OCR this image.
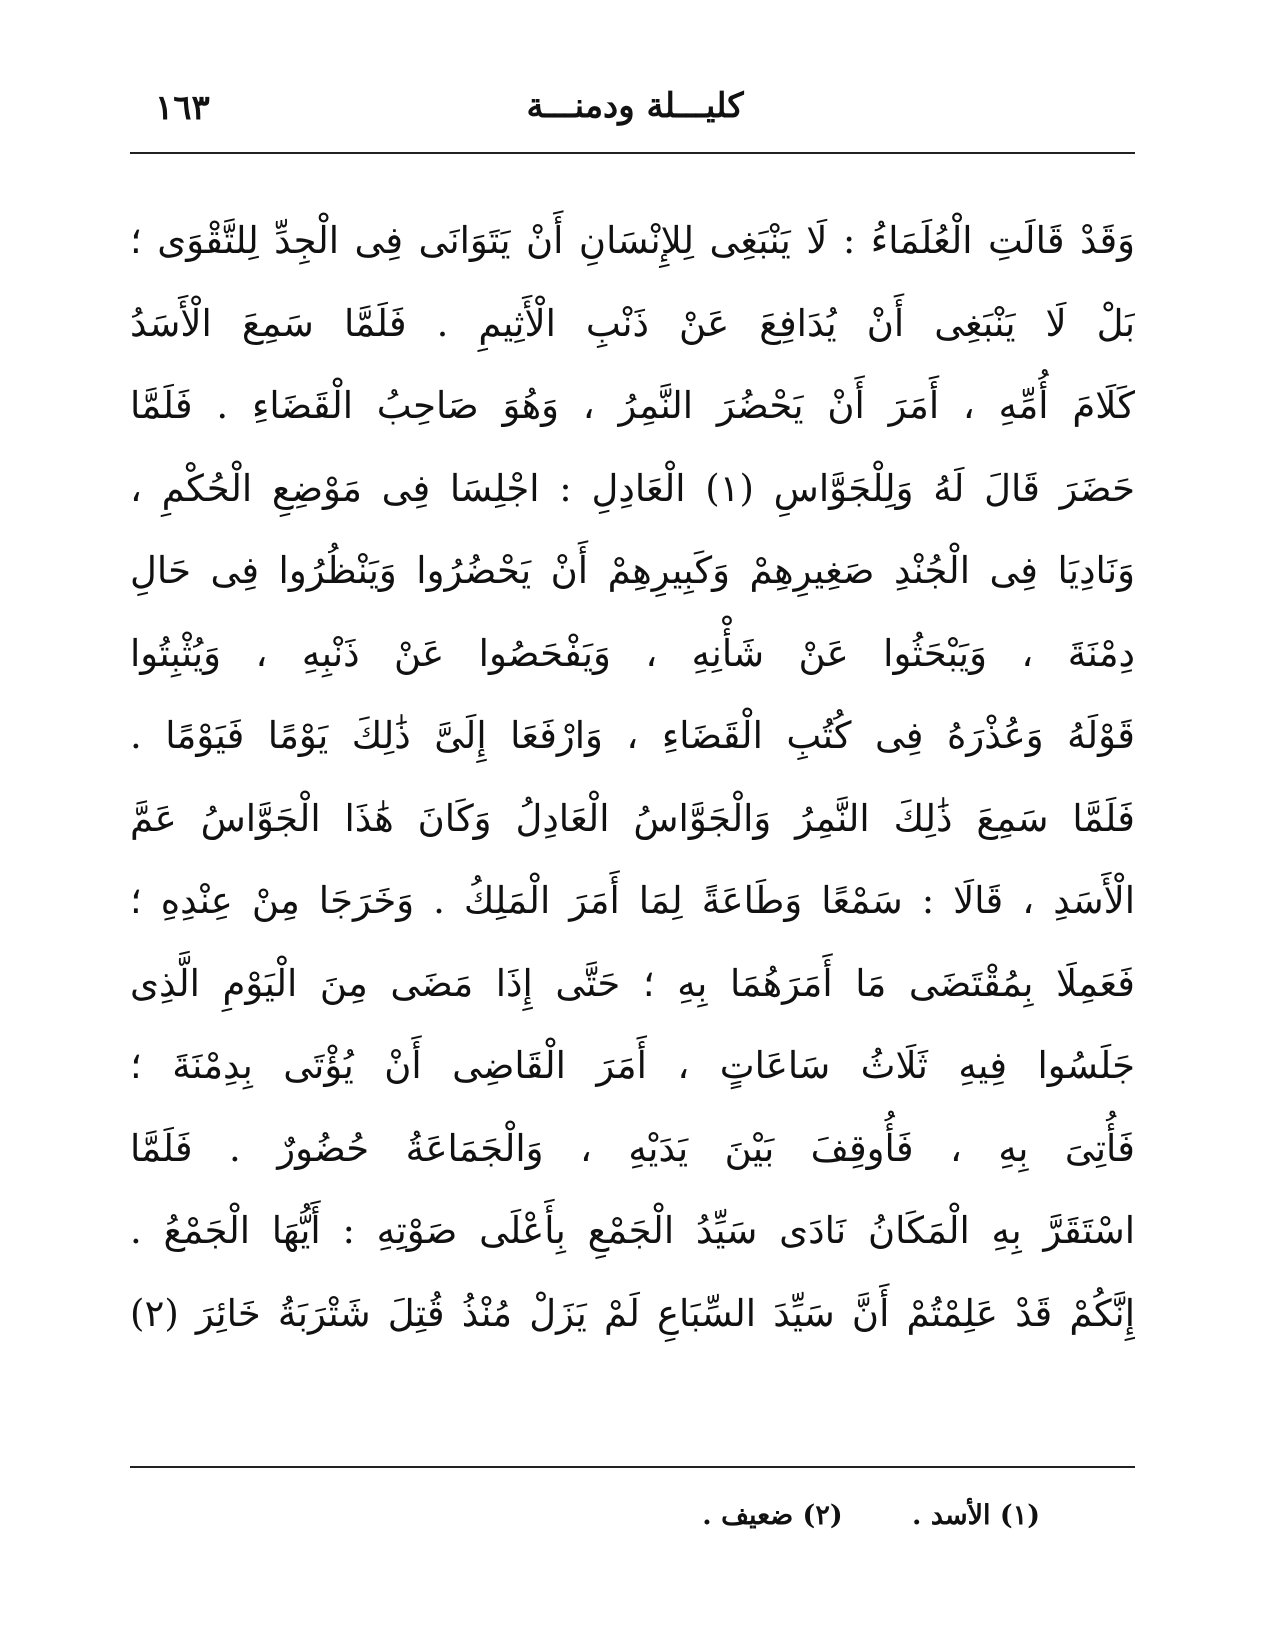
١٦٣	كليـــلة ودمنـــة
وَقَدْ قَالَتِ الْعُلَمَاءُ : لَا يَنْبَغِى لِلإِنْسَانِ أَنْ يَتَوَانَى فِى الْجِدِّ لِلتَّقْوَى ؛
بَلْ لَا يَنْبَغِى أَنْ يُدَافِعَ عَنْ ذَنْبِ الْأَثِيمِ . فَلَمَّا سَمِعَ الْأَسَدُ
كَلَامَ أُمِّهِ ، أَمَرَ أَنْ يَحْضُرَ النَّمِرُ ، وَهُوَ صَاحِبُ الْقَضَاءِ . فَلَمَّا
حَضَرَ قَالَ لَهُ وَلِلْجَوَّاسِ (١) الْعَادِلِ : اجْلِسَا فِى مَوْضِعِ الْحُكْمِ ،
وَنَادِيَا فِى الْجُنْدِ صَغِيرِهِمْ وَكَبِيرِهِمْ أَنْ يَحْضُرُوا وَيَنْظُرُوا فِى حَالِ
دِمْنَةَ ، وَيَبْحَثُوا عَنْ شَأْنِهِ ، وَيَفْحَصُوا عَنْ ذَنْبِهِ ، وَيُثْبِتُوا
قَوْلَهُ وَعُذْرَهُ فِى كُتُبِ الْقَضَاءِ ، وَارْفَعَا إِلَىَّ ذَٰلِكَ يَوْمًا فَيَوْمًا .
فَلَمَّا سَمِعَ ذَٰلِكَ النَّمِرُ وَالْجَوَّاسُ الْعَادِلُ وَكَانَ هَٰذَا الْجَوَّاسُ عَمَّ
الْأَسَدِ ، قَالَا : سَمْعًا وَطَاعَةً لِمَا أَمَرَ الْمَلِكُ . وَخَرَجَا مِنْ عِنْدِهِ ؛
فَعَمِلَا بِمُقْتَضَى مَا أَمَرَهُمَا بِهِ ؛ حَتَّى إِذَا مَضَى مِنَ الْيَوْمِ الَّذِى
جَلَسُوا فِيهِ ثَلَاثُ سَاعَاتٍ ، أَمَرَ الْقَاضِى أَنْ يُؤْتَى بِدِمْنَةَ ؛
فَأُتِىَ بِهِ ، فَأُوقِفَ بَيْنَ يَدَيْهِ ، وَالْجَمَاعَةُ حُضُورٌ . فَلَمَّا
اسْتَقَرَّ بِهِ الْمَكَانُ نَادَى سَيِّدُ الْجَمْعِ بِأَعْلَى صَوْتِهِ : أَيُّهَا الْجَمْعُ .
إِنَّكُمْ قَدْ عَلِمْتُمْ أَنَّ سَيِّدَ السِّبَاعِ لَمْ يَزَلْ مُنْذُ قُتِلَ شَتْرَبَةُ خَائِرَ (٢)
(١) الأسد . (٢) ضعيف .
